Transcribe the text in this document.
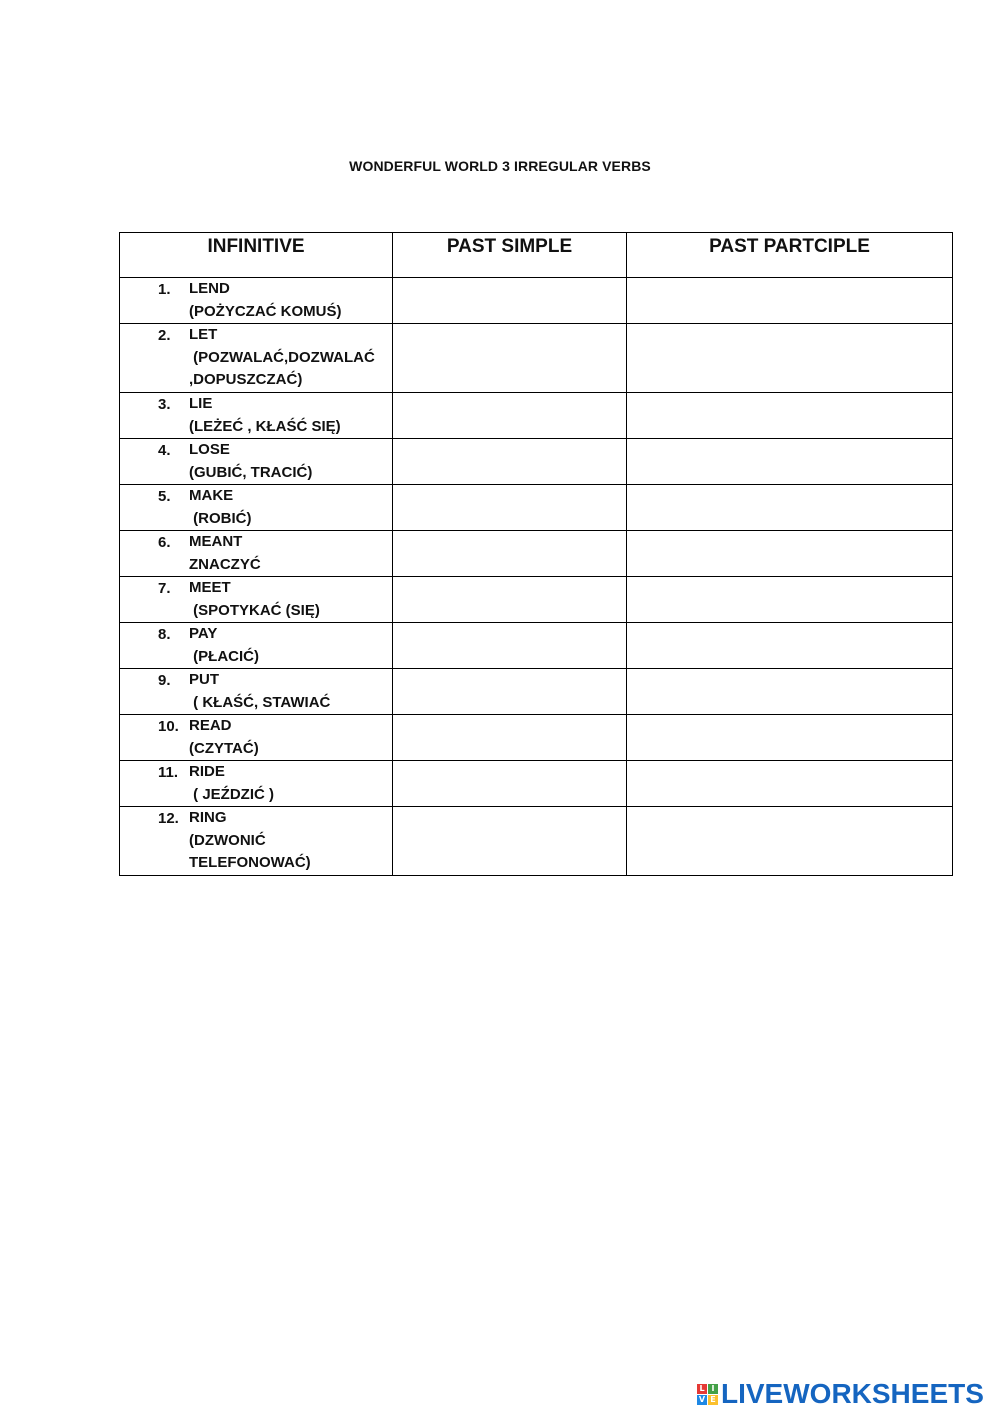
WONDERFUL WORLD 3 IRREGULAR VERBS
INFINITIVE	PAST SIMPLE	PAST PARTCIPLE

1. LEND
(POŻYCZAĆ KOMUŚ)		

2. LET
(POZWALAĆ,DOZWALAĆ
,DOPUSZCZAĆ)		

3. LIE
(LEŻEĆ , KŁAŚĆ SIĘ)		

4. LOSE
(GUBIĆ, TRACIĆ)		

5. MAKE
(ROBIĆ)		

6. MEANT
ZNACZYĆ		

7. MEET
(SPOTYKAĆ (SIĘ)		

8. PAY
(PŁACIĆ)		

9. PUT
( KŁAŚĆ, STAWIAĆ		

10. READ
(CZYTAĆ)		

11. RIDE
( JEŹDZIĆ )		

12. RING
(DZWONIĆ
TELEFONOWAĆ)		

L I
V E LIVEWORKSHEETS
